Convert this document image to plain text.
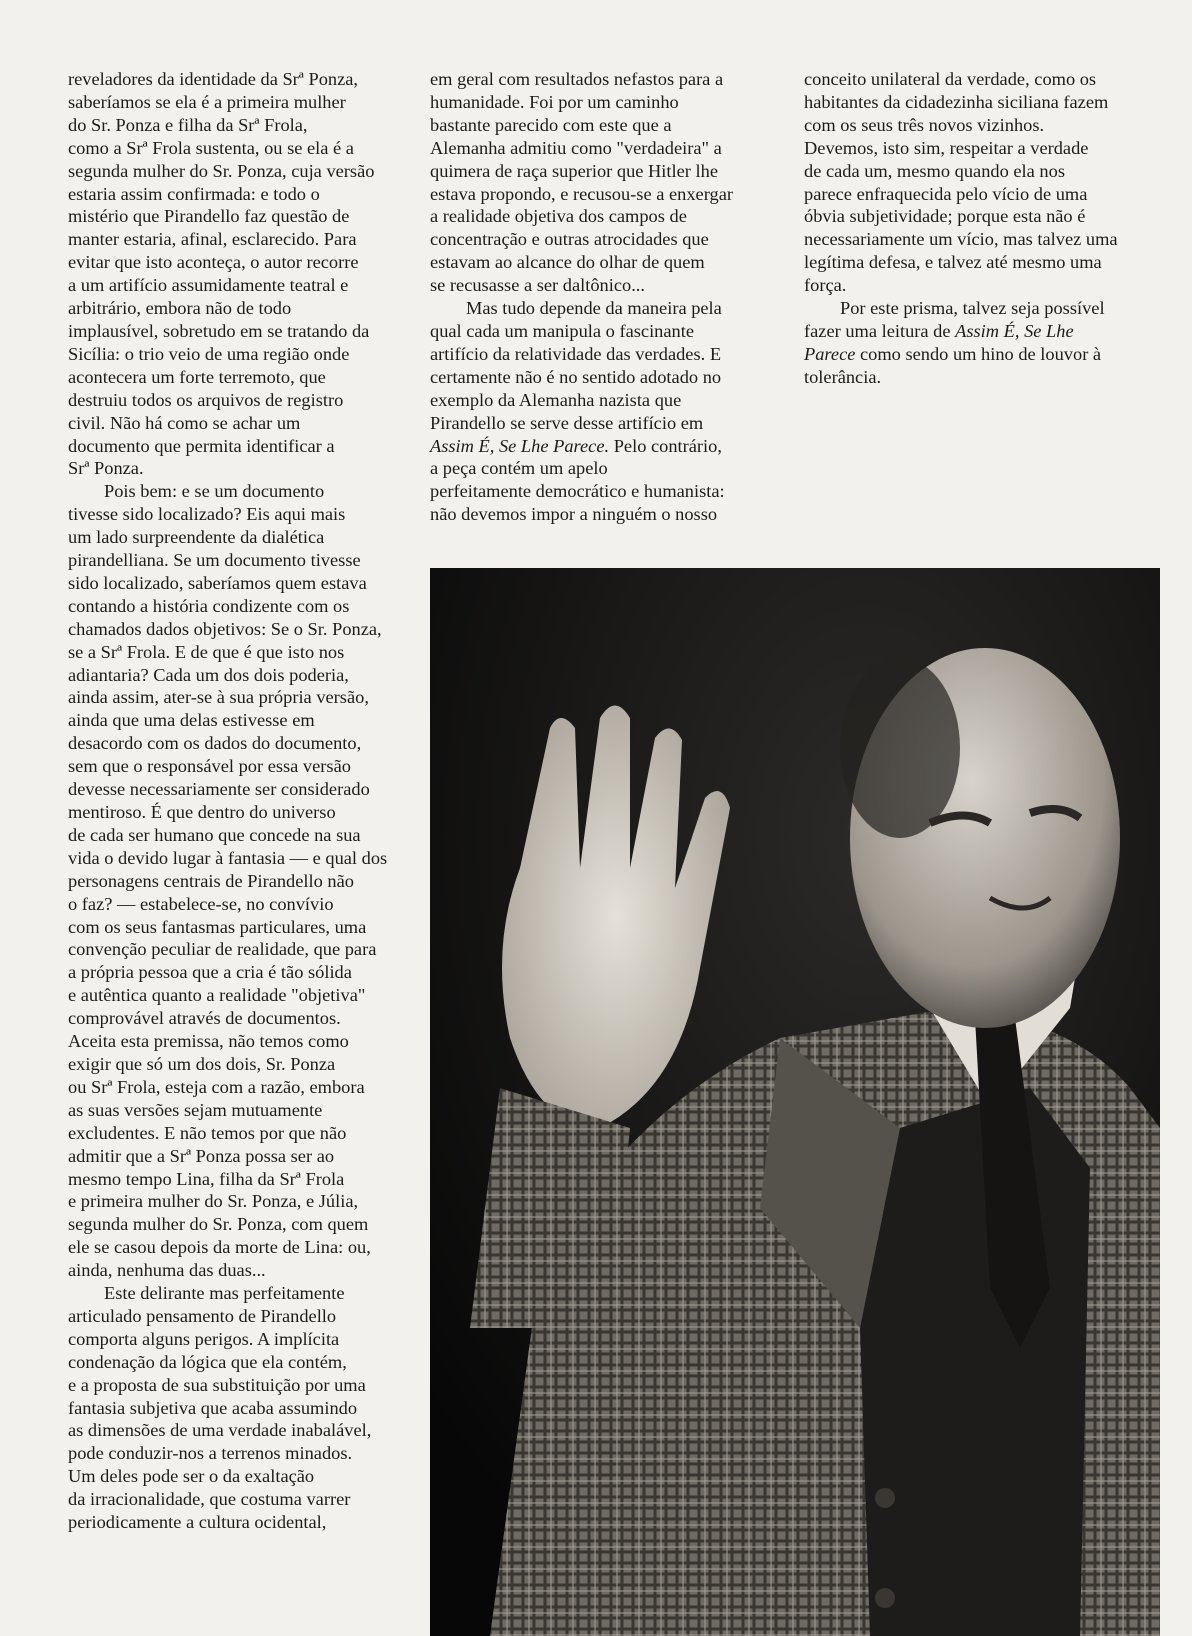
reveladores da identidade da Srª Ponza,
saberíamos se ela é a primeira mulher
do Sr. Ponza e filha da Srª Frola,
como a Srª Frola sustenta, ou se ela é a
segunda mulher do Sr. Ponza, cuja versão
estaria assim confirmada: e todo o
mistério que Pirandello faz questão de
manter estaria, afinal, esclarecido. Para
evitar que isto aconteça, o autor recorre
a um artifício assumidamente teatral e
arbitrário, embora não de todo
implausível, sobretudo em se tratando da
Sicília: o trio veio de uma região onde
acontecera um forte terremoto, que
destruiu todos os arquivos de registro
civil. Não há como se achar um
documento que permita identificar a
Srª Ponza.

Pois bem: e se um documento
tivesse sido localizado? Eis aqui mais
um lado surpreendente da dialética
pirandelliana. Se um documento tivesse
sido localizado, saberíamos quem estava
contando a história condizente com os
chamados dados objetivos: Se o Sr. Ponza,
se a Srª Frola. E de que é que isto nos
adiantaria? Cada um dos dois poderia,
ainda assim, ater-se à sua própria versão,
ainda que uma delas estivesse em
desacordo com os dados do documento,
sem que o responsável por essa versão
devesse necessariamente ser considerado
mentiroso. É que dentro do universo
de cada ser humano que concede na sua
vida o devido lugar à fantasia — e qual dos
personagens centrais de Pirandello não
o faz? — estabelece-se, no convívio
com os seus fantasmas particulares, uma
convenção peculiar de realidade, que para
a própria pessoa que a cria é tão sólida
e autêntica quanto a realidade "objetiva"
comprovável através de documentos.
Aceita esta premissa, não temos como
exigir que só um dos dois, Sr. Ponza
ou Srª Frola, esteja com a razão, embora
as suas versões sejam mutuamente
excludentes. E não temos por que não
admitir que a Srª Ponza possa ser ao
mesmo tempo Lina, filha da Srª Frola
e primeira mulher do Sr. Ponza, e Júlia,
segunda mulher do Sr. Ponza, com quem
ele se casou depois da morte de Lina: ou,
ainda, nenhuma das duas...

Este delirante mas perfeitamente
articulado pensamento de Pirandello
comporta alguns perigos. A implícita
condenação da lógica que ela contém,
e a proposta de sua substituição por uma
fantasia subjetiva que acaba assumindo
as dimensões de uma verdade inabalável,
pode conduzir-nos a terrenos minados.
Um deles pode ser o da exaltação
da irracionalidade, que costuma varrer
periodicamente a cultura ocidental,

em geral com resultados nefastos para a
humanidade. Foi por um caminho
bastante parecido com este que a
Alemanha admitiu como "verdadeira" a
quimera de raça superior que Hitler lhe
estava propondo, e recusou-se a enxergar
a realidade objetiva dos campos de
concentração e outras atrocidades que
estavam ao alcance do olhar de quem
se recusasse a ser daltônico...

Mas tudo depende da maneira pela
qual cada um manipula o fascinante
artifício da relatividade das verdades. E
certamente não é no sentido adotado no
exemplo da Alemanha nazista que
Pirandello se serve desse artifício em
Assim É, Se Lhe Parece. Pelo contrário,
a peça contém um apelo
perfeitamente democrático e humanista:
não devemos impor a ninguém o nosso

conceito unilateral da verdade, como os
habitantes da cidadezinha siciliana fazem
com os seus três novos vizinhos.
Devemos, isto sim, respeitar a verdade
de cada um, mesmo quando ela nos
parece enfraquecida pelo vício de uma
óbvia subjetividade; porque esta não é
necessariamente um vício, mas talvez uma
legítima defesa, e talvez até mesmo uma
força.

Por este prisma, talvez seja possível
fazer uma leitura de Assim É, Se Lhe
Parece como sendo um hino de louvor à
tolerância.
